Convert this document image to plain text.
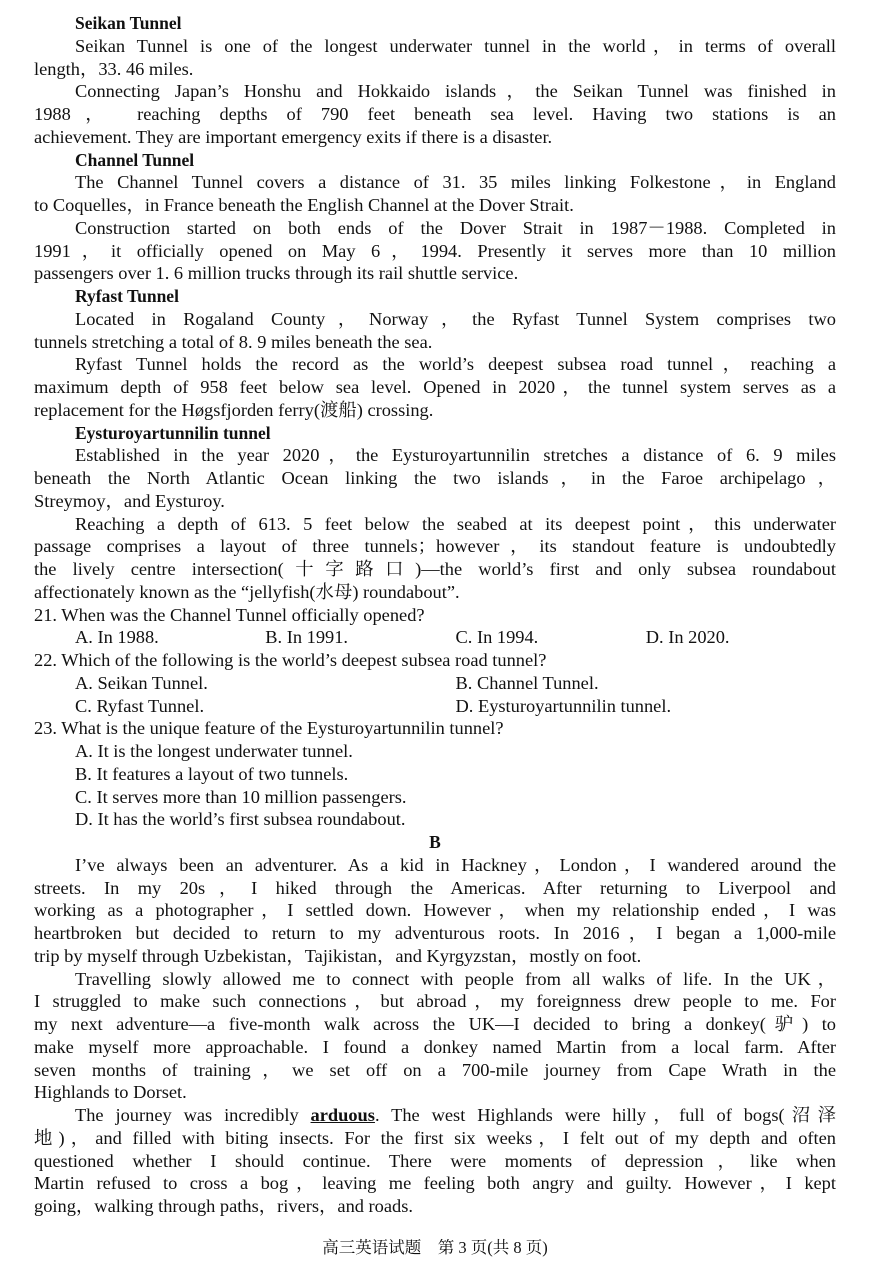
Seikan Tunnel
Seikan Tunnel is one of the longest underwater tunnel in the world，in terms of overall
length，33. 46 miles.
Connecting Japan’s Honshu and Hokkaido islands，the Seikan Tunnel was finished in
1988， reaching depths of 790 feet beneath sea level. Having two stations is an
achievement. They are important emergency exits if there is a disaster.
Channel Tunnel
The Channel Tunnel covers a distance of 31. 35 miles linking Folkestone，in England
to Coquelles，in France beneath the English Channel at the Dover Strait.
Construction started on both ends of the Dover Strait in 1987－1988. Completed in
1991，it officially opened on May 6，1994. Presently it serves more than 10 million
passengers over 1. 6 million trucks through its rail shuttle service.
Ryfast Tunnel
Located in Rogaland County，Norway，the Ryfast Tunnel System comprises two
tunnels stretching a total of 8. 9 miles beneath the sea.
Ryfast Tunnel holds the record as the world’s deepest subsea road tunnel，reaching a
maximum depth of 958 feet below sea level. Opened in 2020，the tunnel system serves as a
replacement for the Høgsfjorden ferry(渡船) crossing.
Eysturoyartunnilin tunnel
Established in the year 2020，the Eysturoyartunnilin stretches a distance of 6. 9 miles
beneath the North Atlantic Ocean linking the two islands，in the Faroe archipelago，
Streymoy，and Eysturoy.
Reaching a depth of 613. 5 feet below the seabed at its deepest point，this underwater
passage comprises a layout of three tunnels；however，its standout feature is undoubtedly
the lively centre intersection(十字路口)—the world’s first and only subsea roundabout
affectionately known as the “jellyfish(水母) roundabout”.
21. When was the Channel Tunnel officially opened?
A. In 1988.	B. In 1991.	C. In 1994.	D. In 2020.
22. Which of the following is the world’s deepest subsea road tunnel?
A. Seikan Tunnel.	B. Channel Tunnel.
C. Ryfast Tunnel.	D. Eysturoyartunnilin tunnel.
23. What is the unique feature of the Eysturoyartunnilin tunnel?
A. It is the longest underwater tunnel.
B. It features a layout of two tunnels.
C. It serves more than 10 million passengers.
D. It has the world’s first subsea roundabout.
B
I’ve always been an adventurer. As a kid in Hackney，London，I wandered around the
streets. In my 20s，I hiked through the Americas. After returning to Liverpool and
working as a photographer，I settled down. However，when my relationship ended，I was
heartbroken but decided to return to my adventurous roots. In 2016，I began a 1,000-mile
trip by myself through Uzbekistan，Tajikistan，and Kyrgyzstan，mostly on foot.
Travelling slowly allowed me to connect with people from all walks of life. In the UK，
I struggled to make such connections，but abroad，my foreignness drew people to me. For
my next adventure—a five-month walk across the UK—I decided to bring a donkey(驴) to
make myself more approachable. I found a donkey named Martin from a local farm. After
seven months of training，we set off on a 700-mile journey from Cape Wrath in the
Highlands to Dorset.
The journey was incredibly arduous. The west Highlands were hilly，full of bogs(沼泽
地)，and filled with biting insects. For the first six weeks，I felt out of my depth and often
questioned whether I should continue. There were moments of depression，like when
Martin refused to cross a bog，leaving me feeling both angry and guilty. However，I kept
going，walking through paths，rivers，and roads.
高三英语试题　第 3 页(共 8 页)
